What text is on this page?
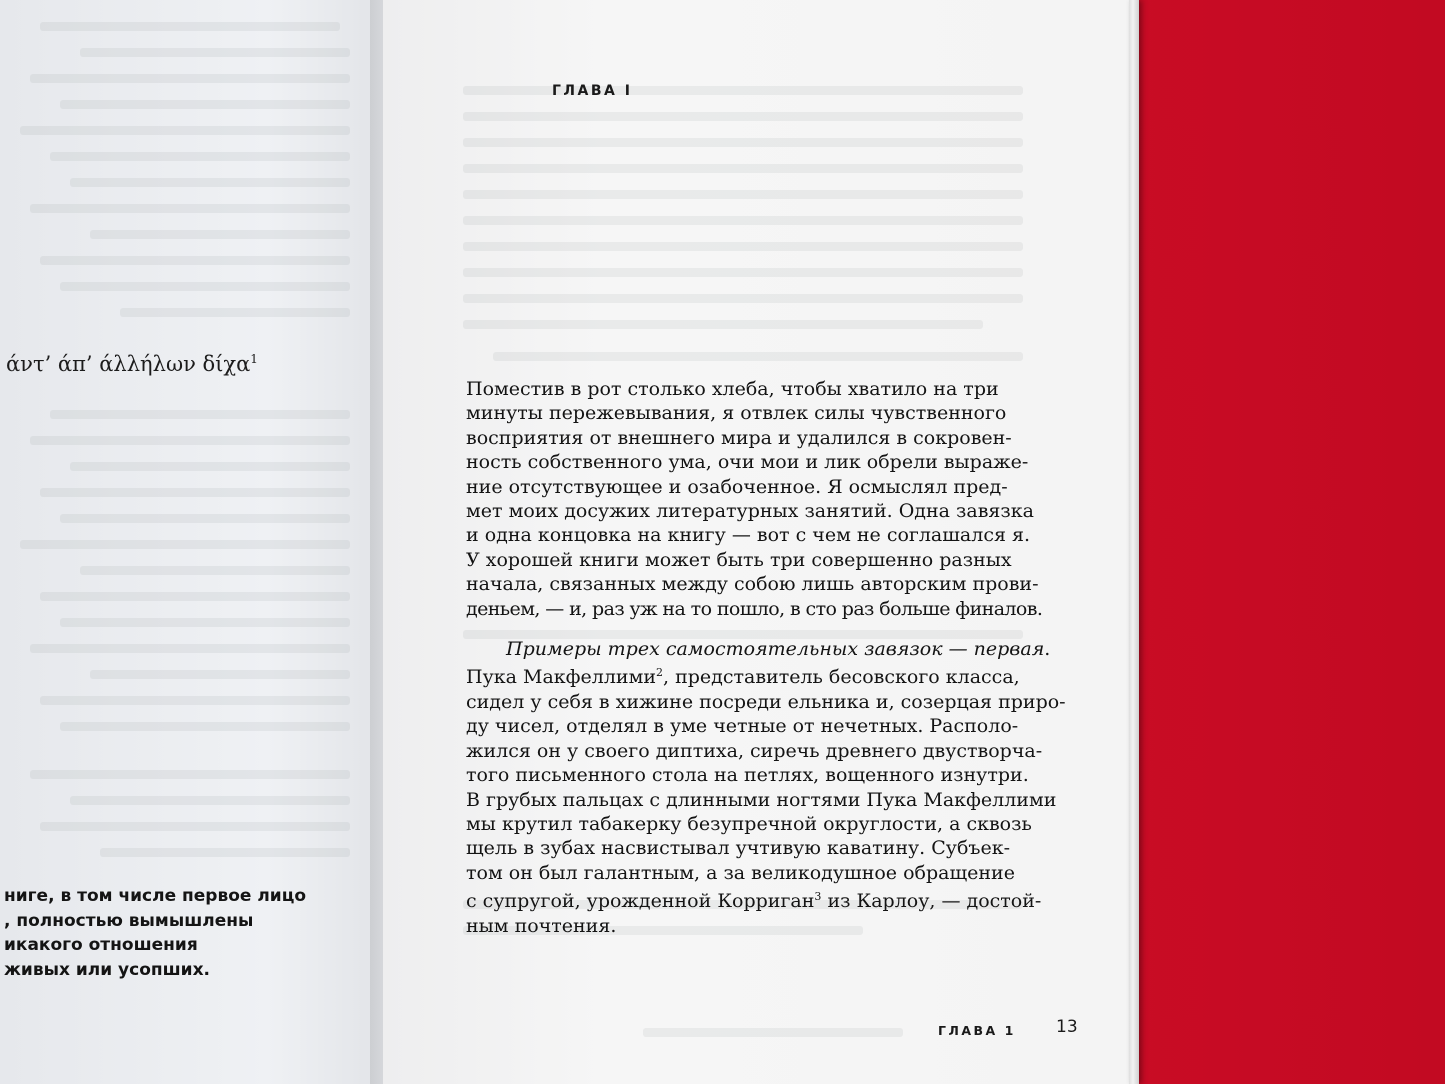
άντ’ άπ’ άλλήλων δίχα$^1$

ниге, в том числе первое лицо
, полностью вымышлены
икакого отношения
живых или усопших.
ГЛАВА I
Поместив в рот столько хлеба, чтобы хватило на три
минуты пережевывания, я отвлек силы чувственного
восприятия от внешнего мира и удалился в сокровен-
ность собственного ума, очи мои и лик обрели выраже-
ние отсутствующее и озабоченное. Я осмыслял пред-
мет моих досужих литературных занятий. Одна завязка
и одна концовка на книгу — вот с чем не соглашался я.
У хорошей книги может быть три совершенно разных
начала, связанных между собою лишь авторским прови-
деньем, — и, раз уж на то пошло, в сто раз больше финалов.
Примеры трех самостоятельных завязок — первая.
Пука Макфеллими$^2$, представитель бесовского класса,
сидел у себя в хижине посреди ельника и, созерцая приро-
ду чисел, отделял в уме четные от нечетных. Располо-
жился он у своего диптиха, сиречь древнего двустворча-
того письменного стола на петлях, вощенного изнутри.
В грубых пальцах с длинными ногтями Пука Макфеллими
мы крутил табакерку безупречной округлости, а сквозь
щель в зубах насвистывал учтивую каватину. Субъек-
том он был галантным, а за великодушное обращение
с супругой, урожденной Корриган$^3$ из Карлоу, — достой-
ным почтения.
ГЛАВА 1 13
